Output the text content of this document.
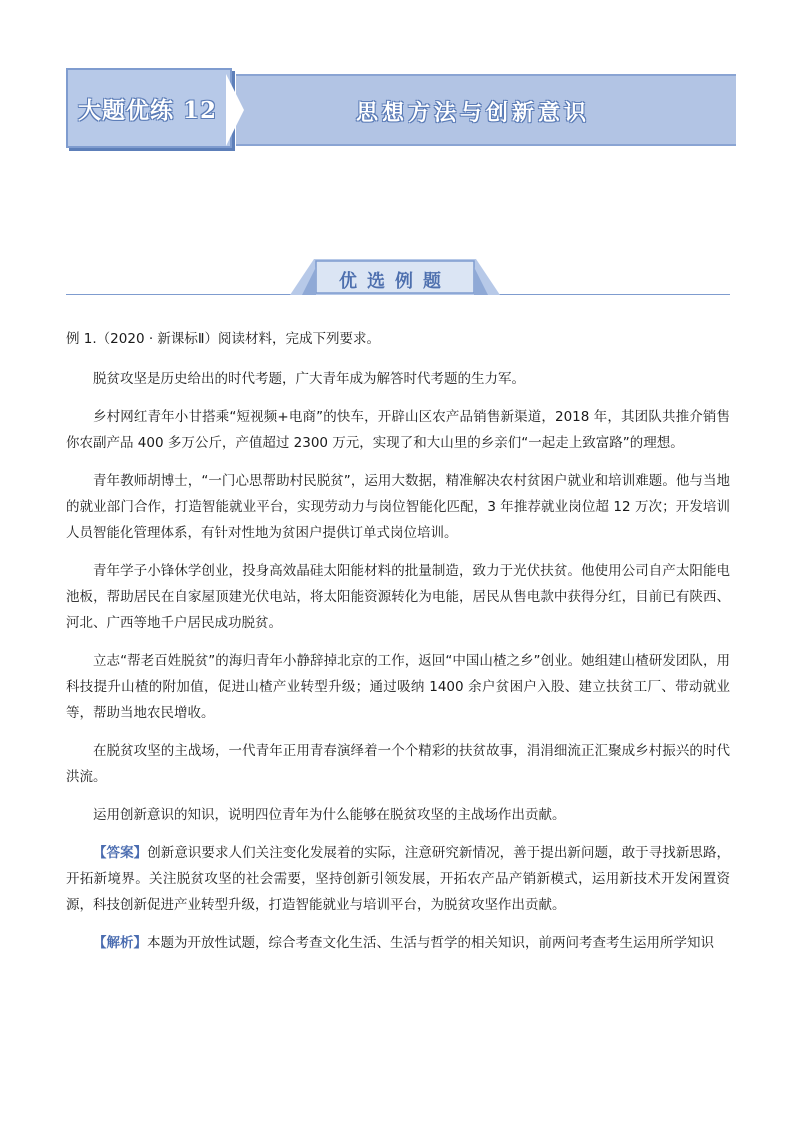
大题优练 12	思想方法与创新意识
优选例题

例 1.（2020 · 新课标Ⅱ）阅读材料，完成下列要求。

脱贫攻坚是历史给出的时代考题，广大青年成为解答时代考题的生力军。

乡村网红青年小甘搭乘“短视频+电商”的快车，开辟山区农产品销售新渠道，2018 年，其团队共推介销售你农副产品 400 多万公斤，产值超过 2300 万元，实现了和大山里的乡亲们“一起走上致富路”的理想。

青年教师胡博士，“一门心思帮助村民脱贫”，运用大数据，精准解决农村贫困户就业和培训难题。他与当地的就业部门合作，打造智能就业平台，实现劳动力与岗位智能化匹配，3 年推荐就业岗位超 12 万次；开发培训人员智能化管理体系，有针对性地为贫困户提供订单式岗位培训。

青年学子小锋休学创业，投身高效晶硅太阳能材料的批量制造，致力于光伏扶贫。他使用公司自产太阳能电池板，帮助居民在自家屋顶建光伏电站，将太阳能资源转化为电能，居民从售电款中获得分红，目前已有陕西、河北、广西等地千户居民成功脱贫。

立志“帮老百姓脱贫”的海归青年小静辞掉北京的工作，返回“中国山楂之乡”创业。她组建山楂研发团队，用科技提升山楂的附加值，促进山楂产业转型升级；通过吸纳 1400 余户贫困户入股、建立扶贫工厂、带动就业等，帮助当地农民增收。

在脱贫攻坚的主战场，一代青年正用青春演绎着一个个精彩的扶贫故事，涓涓细流正汇聚成乡村振兴的时代洪流。

运用创新意识的知识，说明四位青年为什么能够在脱贫攻坚的主战场作出贡献。

【答案】创新意识要求人们关注变化发展着的实际，注意研究新情况，善于提出新问题，敢于寻找新思路，开拓新境界。关注脱贫攻坚的社会需要，坚持创新引领发展，开拓农产品产销新模式，运用新技术开发闲置资源，科技创新促进产业转型升级，打造智能就业与培训平台，为脱贫攻坚作出贡献。

【解析】本题为开放性试题，综合考查文化生活、生活与哲学的相关知识，前两问考查考生运用所学知识
